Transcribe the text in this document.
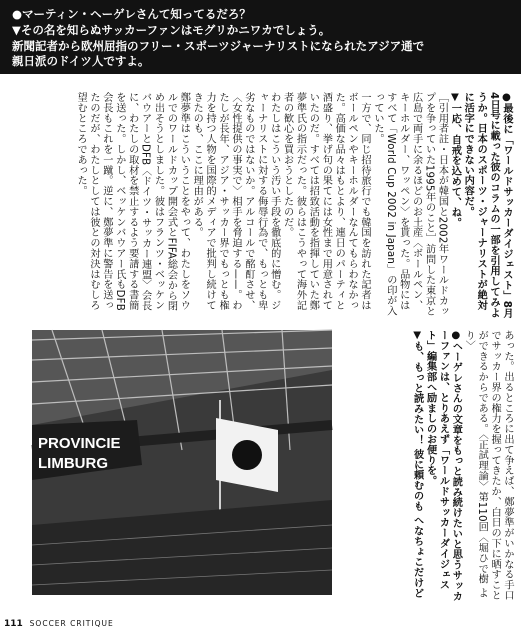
●マーティン・ヘーゲレさんて知ってるだろ？

▼その名を知らぬサッカーファンはモグリかニワカでしょう。

新聞記者から欧州屈指のフリー・スポーツジャーナリストになられたアジア通で

親日派のドイツ人ですよ。

●最後に「ワールドサッカーダイジェスト」8月4日号に載った彼のコラムの一部を引用してみようか。日本のスポーツ・ジャーナリストが絶対に活字にできない内容だ。

▼一応、自戒を込めて、ね。

［引用者註・日本が韓国と2002年ワールドカップを争っていた1995年のこと］訪問した東京と広島で両手に余るほどのお土産〈ボールペン、キーホルダー、ワッペン〉を貰った。品物にはすべて「World Cup 2002 in Japan」の印が入っていた。

一方で、同じ招待旅行でも韓国を訪れた記者はボールペンやキーホルダーなんてもらわなかった。高価な品々はもとより、連日のパーティと酒盛り、挙げ句の果てには女性まで用意されていたのだ。すべては招致活動を指揮していた鄭夢準氏の指示だった。彼らはこうやって海外記者の歓心を買おうとしたのだ。

わたしはこういう汚い手段を徹底的に憎む。ジャーナリストに対する侮辱行為で、もっとも卑劣なものではないか。アルコールで酩酊させ、〈女性提供の事実で〉相手を脅迫する——。わたしが長年、アジア・サッカー界でもっとも権力を持つ人物を国際的メディアで批判し続けてきたのも、ここに理由がある。

鄭夢準はこういうことをやって、わたしをソウルでのワールドカップ開会式とFIFA総会から閉め出そうとしました。彼はフランツ・ベッケンバウアーとDFB〈ドイツ・サッカー連盟〉会長に、わたしの取材を禁止するよう要請する書簡を送った。しかし、ベッケンバウアー氏もDFB会長もこれを一蹴。逆に、鄭夢準に警告を送ったのだが、わたしとしては彼との対決はむしろ望むところであった。

あった。出るところに出て争えば、鄭夢準がいかなる手口でサッカー界の権力を握ってきたか、白日の下に晒すことができるからである。〈正試理論〉第110回〈堀ひで樹 より〉

●ヘーゲレさんの文章をもっと読み続けたいと思うサッカーファンは、とりあえず「ワールドサッカーダイジェスト」編集部へ励ましのお便りを。

▼も、もっと読みたい！ 彼に頼むのも へなちょこだけど

PROVINCIE
LIMBURG
111 SOCCER CRITIQUE
